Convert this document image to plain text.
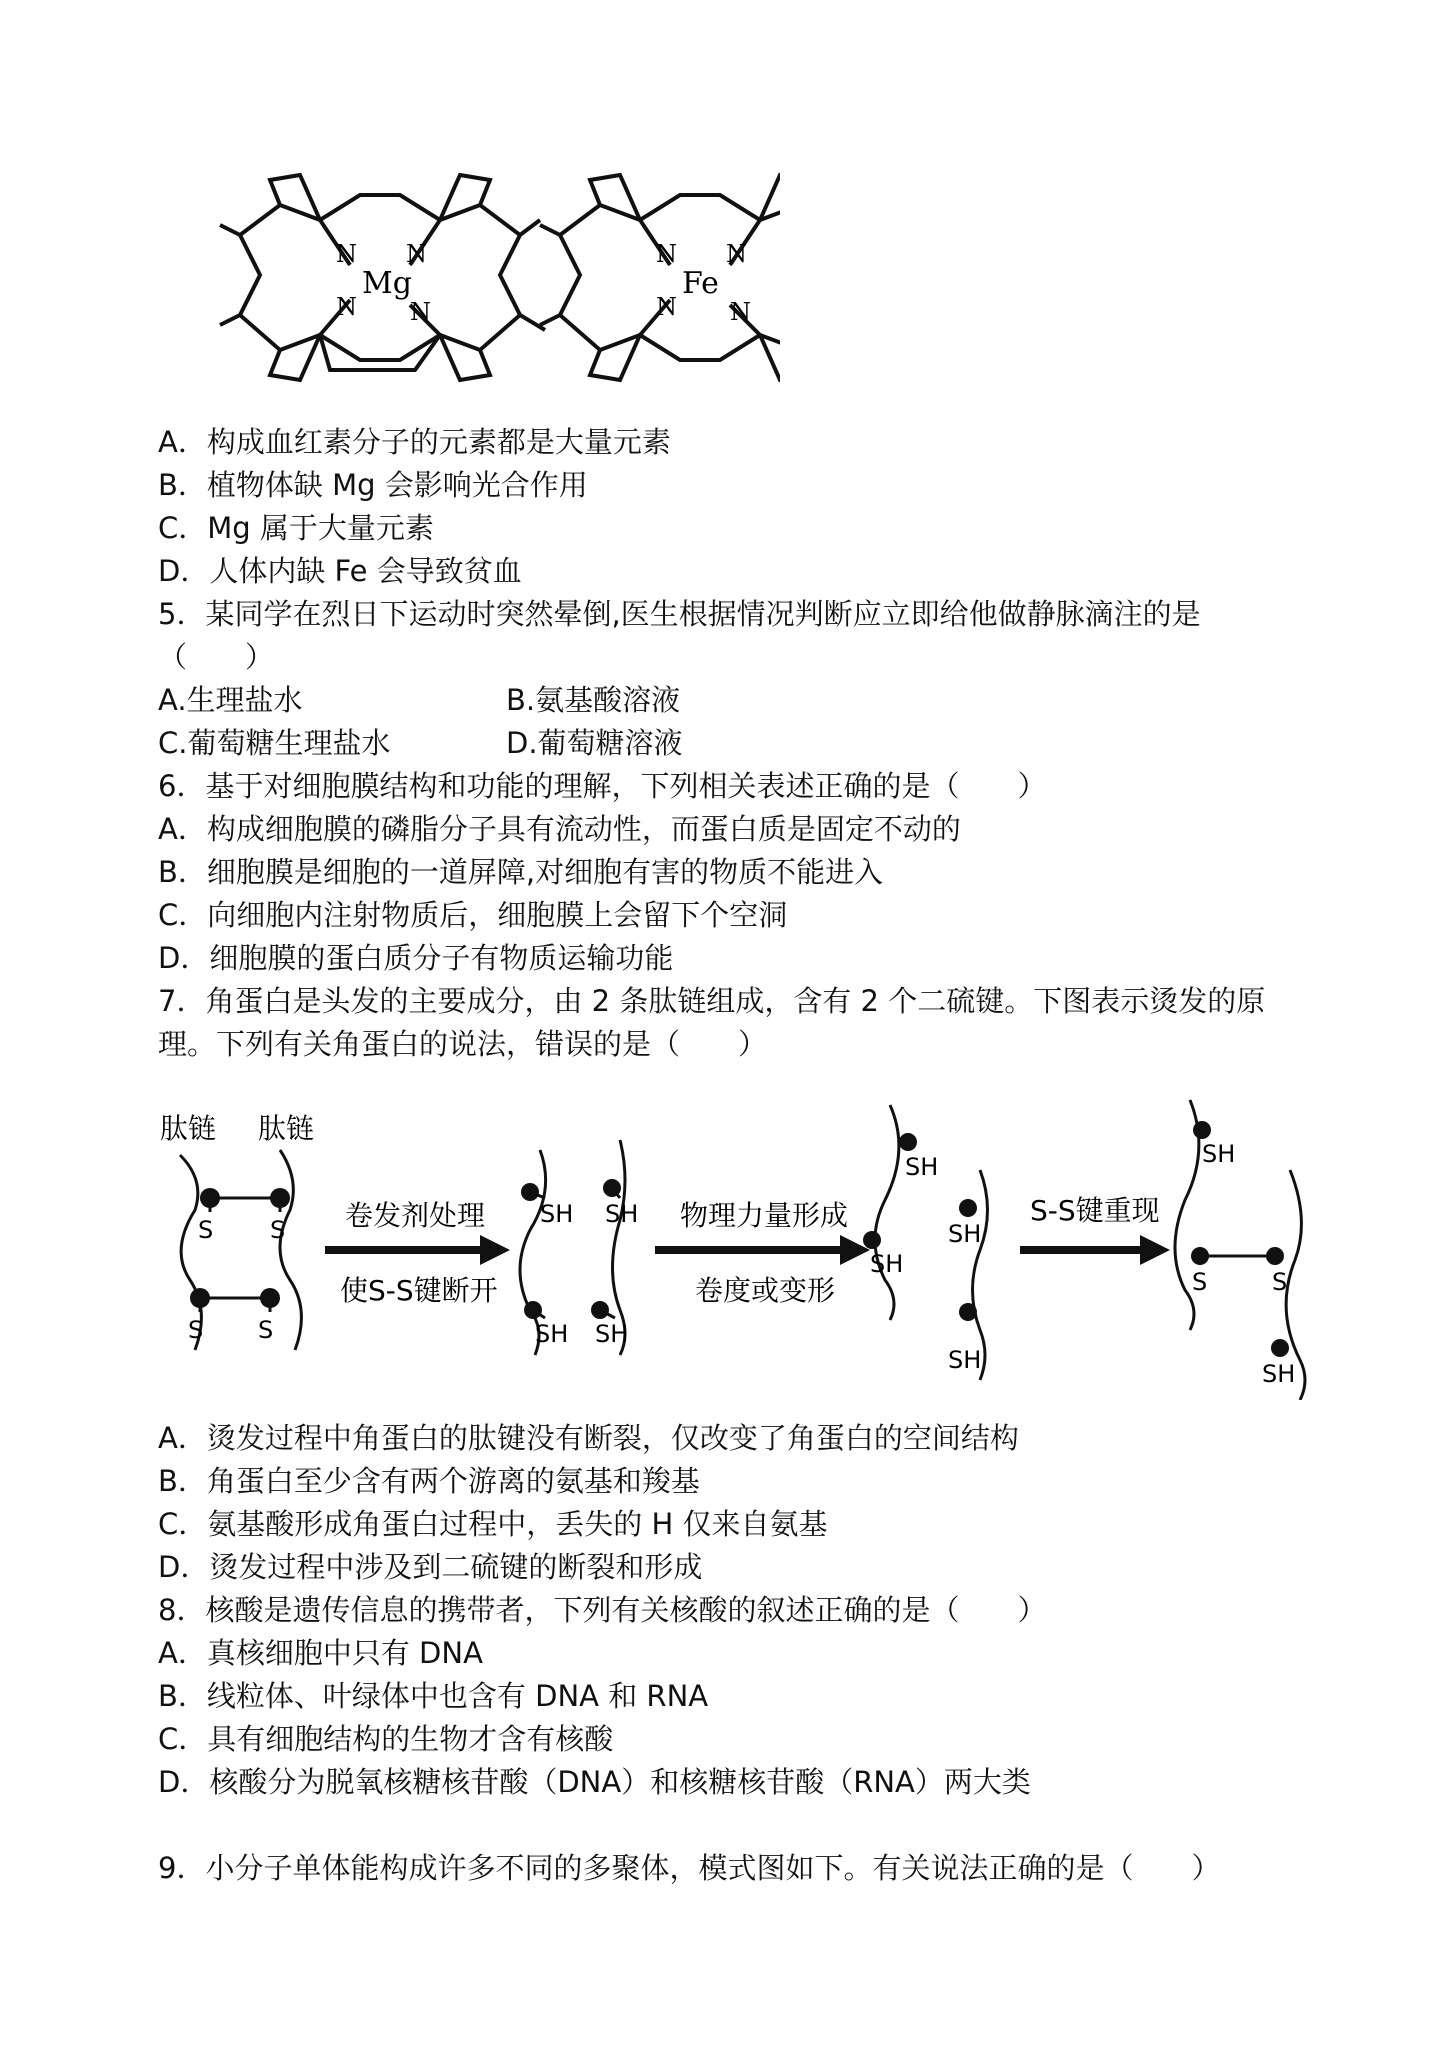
Mg
N N
N N
Fe
N N
N N
A．构成血红素分子的元素都是大量元素
B．植物体缺 Mg 会影响光合作用
C．Mg 属于大量元素
D．人体内缺 Fe 会导致贫血
5．某同学在烈日下运动时突然晕倒,医生根据情况判断应立即给他做静脉滴注的是
（　　）
A.生理盐水	B.氨基酸溶液
C.葡萄糖生理盐水	D.葡萄糖溶液
6．基于对细胞膜结构和功能的理解，下列相关表述正确的是（　　）
A．构成细胞膜的磷脂分子具有流动性，而蛋白质是固定不动的
B．细胞膜是细胞的一道屏障,对细胞有害的物质不能进入
C．向细胞内注射物质后，细胞膜上会留下个空洞
D．细胞膜的蛋白质分子有物质运输功能
7．角蛋白是头发的主要成分，由 2 条肽链组成，含有 2 个二硫键。下图表示烫发的原
理。下列有关角蛋白的说法，错误的是（　　）
肽链 肽链
卷发剂处理
使S-S键断开
物理力量形成
卷度或变形
S-S键重现
S S
S S
SH SH
SH SH
SH
SH
SH
SH
SH
S	S
SH
A．烫发过程中角蛋白的肽键没有断裂，仅改变了角蛋白的空间结构
B．角蛋白至少含有两个游离的氨基和羧基
C．氨基酸形成角蛋白过程中，丢失的 H 仅来自氨基
D．烫发过程中涉及到二硫键的断裂和形成
8．核酸是遗传信息的携带者，下列有关核酸的叙述正确的是（　　）
A．真核细胞中只有 DNA
B．线粒体、叶绿体中也含有 DNA 和 RNA
C．具有细胞结构的生物才含有核酸
D．核酸分为脱氧核糖核苷酸（DNA）和核糖核苷酸（RNA）两大类
9．小分子单体能构成许多不同的多聚体，模式图如下。有关说法正确的是（　　）
